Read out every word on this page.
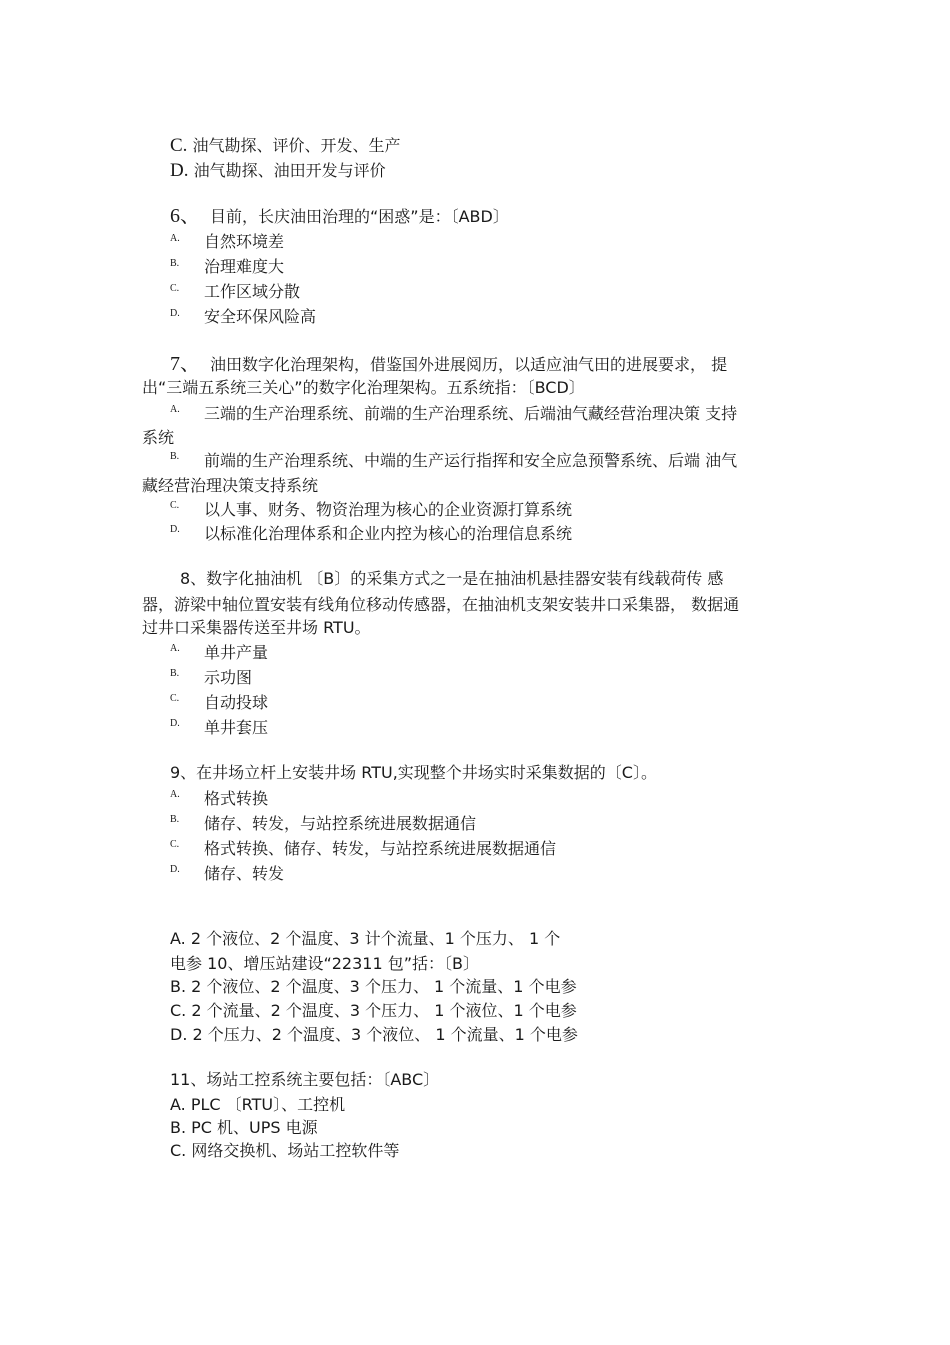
C. 油气勘探、评价、开发、生产
D. 油气勘探、油田开发与评价
6、 目前，长庆油田治理的“困惑”是：〔ABD〕
A. 自然环境差
B. 治理难度大
C. 工作区域分散
D. 安全环保风险高
7、 油田数字化治理架构，借鉴国外进展阅历，以适应油气田的进展要求， 提
出“三端五系统三关心”的数字化治理架构。五系统指：〔BCD〕
A. 三端的生产治理系统、前端的生产治理系统、后端油气藏经营治理决策 支持
系统
B. 前端的生产治理系统、中端的生产运行指挥和安全应急预警系统、后端 油气
藏经营治理决策支持系统
C. 以人事、财务、物资治理为核心的企业资源打算系统
D. 以标准化治理体系和企业内控为核心的治理信息系统
8、数字化抽油机 〔B〕的采集方式之一是在抽油机悬挂器安装有线载荷传 感
器，游梁中轴位置安装有线角位移动传感器，在抽油机支架安装井口采集器， 数据通
过井口采集器传送至井场 RTU。
A. 单井产量
B. 示功图
C. 自动投球
D. 单井套压
9、在井场立杆上安装井场 RTU,实现整个井场实时采集数据的〔C〕。
A. 格式转换
B. 储存、转发，与站控系统进展数据通信
C. 格式转换、储存、转发，与站控系统进展数据通信
D. 储存、转发
A. 2 个液位、2 个温度、3 计个流量、1 个压力、 1 个
电参 10、增压站建设“22311 包”括：〔B〕
B. 2 个液位、2 个温度、3 个压力、 1 个流量、1 个电参
C. 2 个流量、2 个温度、3 个压力、 1 个液位、1 个电参
D. 2 个压力、2 个温度、3 个液位、 1 个流量、1 个电参
11、场站工控系统主要包括：〔ABC〕
A. PLC 〔RTU〕、工控机
B. PC 机、UPS 电源
C. 网络交换机、场站工控软件等
